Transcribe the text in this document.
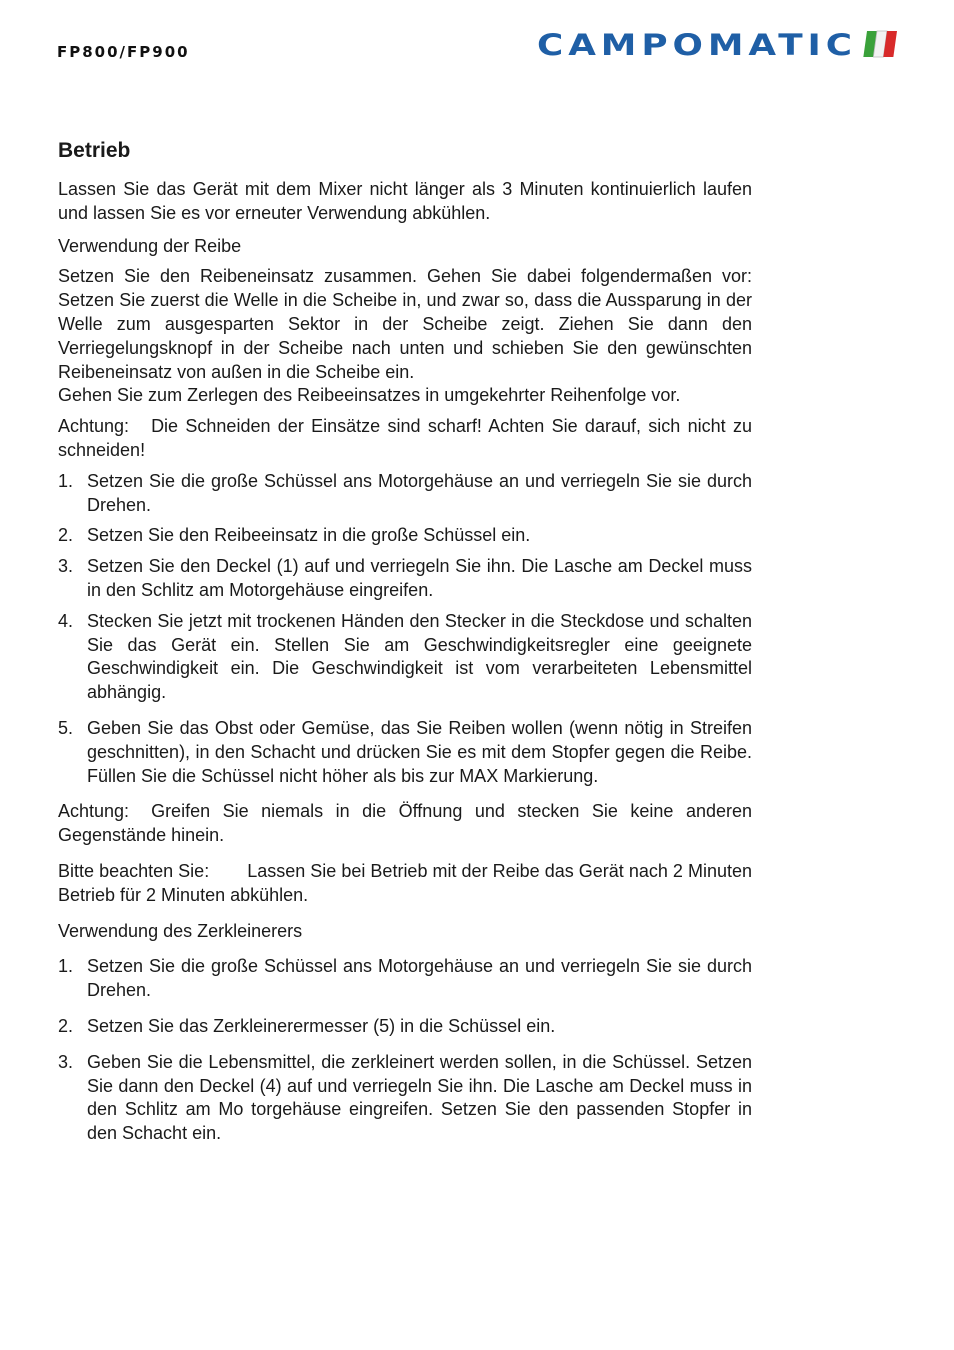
FP800/FP900	CAMPOMATIC
Betrieb

Lassen Sie das Gerät mit dem Mixer nicht länger als 3 Minuten kontinuierlich laufen und lassen Sie es vor erneuter Verwendung abkühlen.

Verwendung der Reibe

Setzen Sie den Reibeneinsatz zusammen. Gehen Sie dabei folgendermaßen vor: Setzen Sie zuerst die Welle in die Scheibe in, und zwar so, dass die Aussparung in der Welle zum ausgesparten Sektor in der Scheibe zeigt. Ziehen Sie dann den Verriegelungsknopf in der Scheibe nach unten und schieben Sie den gewünschten Reibeneinsatz von außen in die Scheibe ein.

Gehen Sie zum Zerlegen des Reibeeinsatzes in umgekehrter Reihenfolge vor.

Achtung: Die Schneiden der Einsätze sind scharf! Achten Sie darauf, sich nicht zu schneiden!

1. Setzen Sie die große Schüssel ans Motorgehäuse an und verriegeln Sie sie durch Drehen.
2. Setzen Sie den Reibeeinsatz in die große Schüssel ein.
3. Setzen Sie den Deckel (1) auf und verriegeln Sie ihn. Die Lasche am Deckel muss in den Schlitz am Motorgehäuse eingreifen.
4. Stecken Sie jetzt mit trockenen Händen den Stecker in die Steckdose und schalten Sie das Gerät ein. Stellen Sie am Geschwindigkeitsregler eine geeignete Geschwindigkeit ein. Die Geschwindigkeit ist vom verarbeiteten Lebensmittel abhängig.
5. Geben Sie das Obst oder Gemüse, das Sie Reiben wollen (wenn nötig in Streifen geschnitten), in den Schacht und drücken Sie es mit dem Stopfer gegen die Reibe. Füllen Sie die Schüssel nicht höher als bis zur MAX Markierung.

Achtung: Greifen Sie niemals in die Öffnung und stecken Sie keine anderen Gegenstände hinein.

Bitte beachten Sie: Lassen Sie bei Betrieb mit der Reibe das Gerät nach 2 Minuten Betrieb für 2 Minuten abkühlen.

Verwendung des Zerkleinerers
1. Setzen Sie die große Schüssel ans Motorgehäuse an und verriegeln Sie sie durch Drehen.
2. Setzen Sie das Zerkleinerermesser (5) in die Schüssel ein.
3. Geben Sie die Lebensmittel, die zerkleinert werden sollen, in die Schüssel. Setzen Sie dann den Deckel (4) auf und verriegeln Sie ihn. Die Lasche am Deckel muss in den Schlitz am Mo torgehäuse eingreifen. Setzen Sie den passenden Stopfer in den Schacht ein.
